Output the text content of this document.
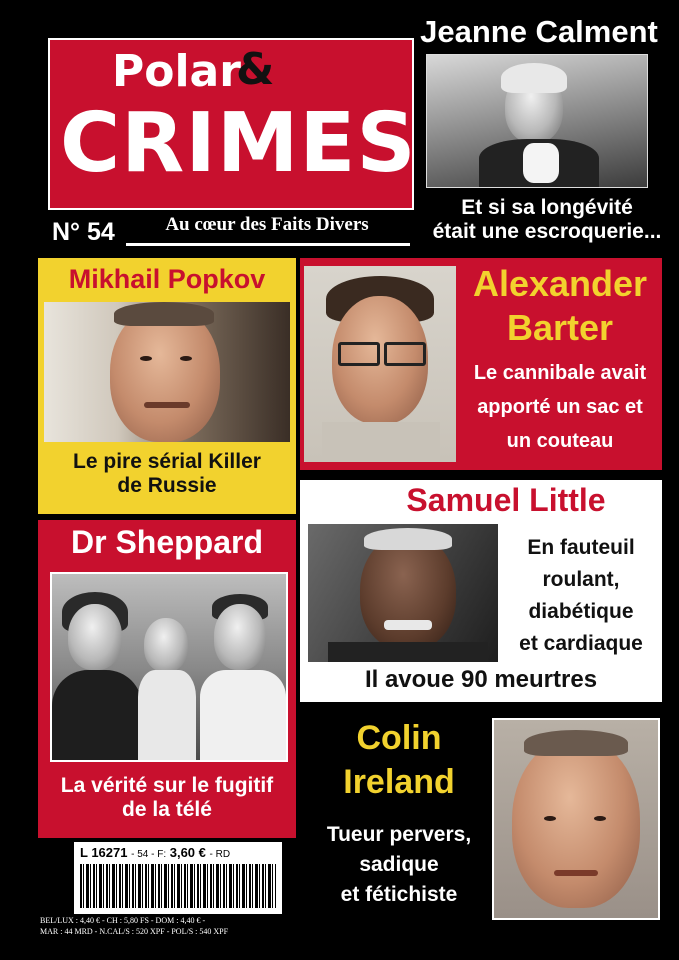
Polar
&
CRIMES
N° 54	Au cœur des Faits Divers
Jeanne Calment
Et si sa longévité
était une escroquerie...
Mikhail Popkov
Le pire sérial Killer
de Russie
Alexander
Barter
Le cannibale avait
apporté un sac et
un couteau
Samuel Little
En fauteuil
roulant,
diabétique
et cardiaque
Il avoue 90 meurtres
Dr Sheppard
La vérité sur le fugitif
de la télé
Colin
Ireland
Tueur pervers,
sadique
et fétichiste
L 16271 - 54 - F: 3,60 € - RD
BEL/LUX : 4,40 € - CH : 5,80 FS - DOM : 4,40 € -
MAR : 44 MRD - N.CAL/S : 520 XPF - POL/S : 540 XPF
